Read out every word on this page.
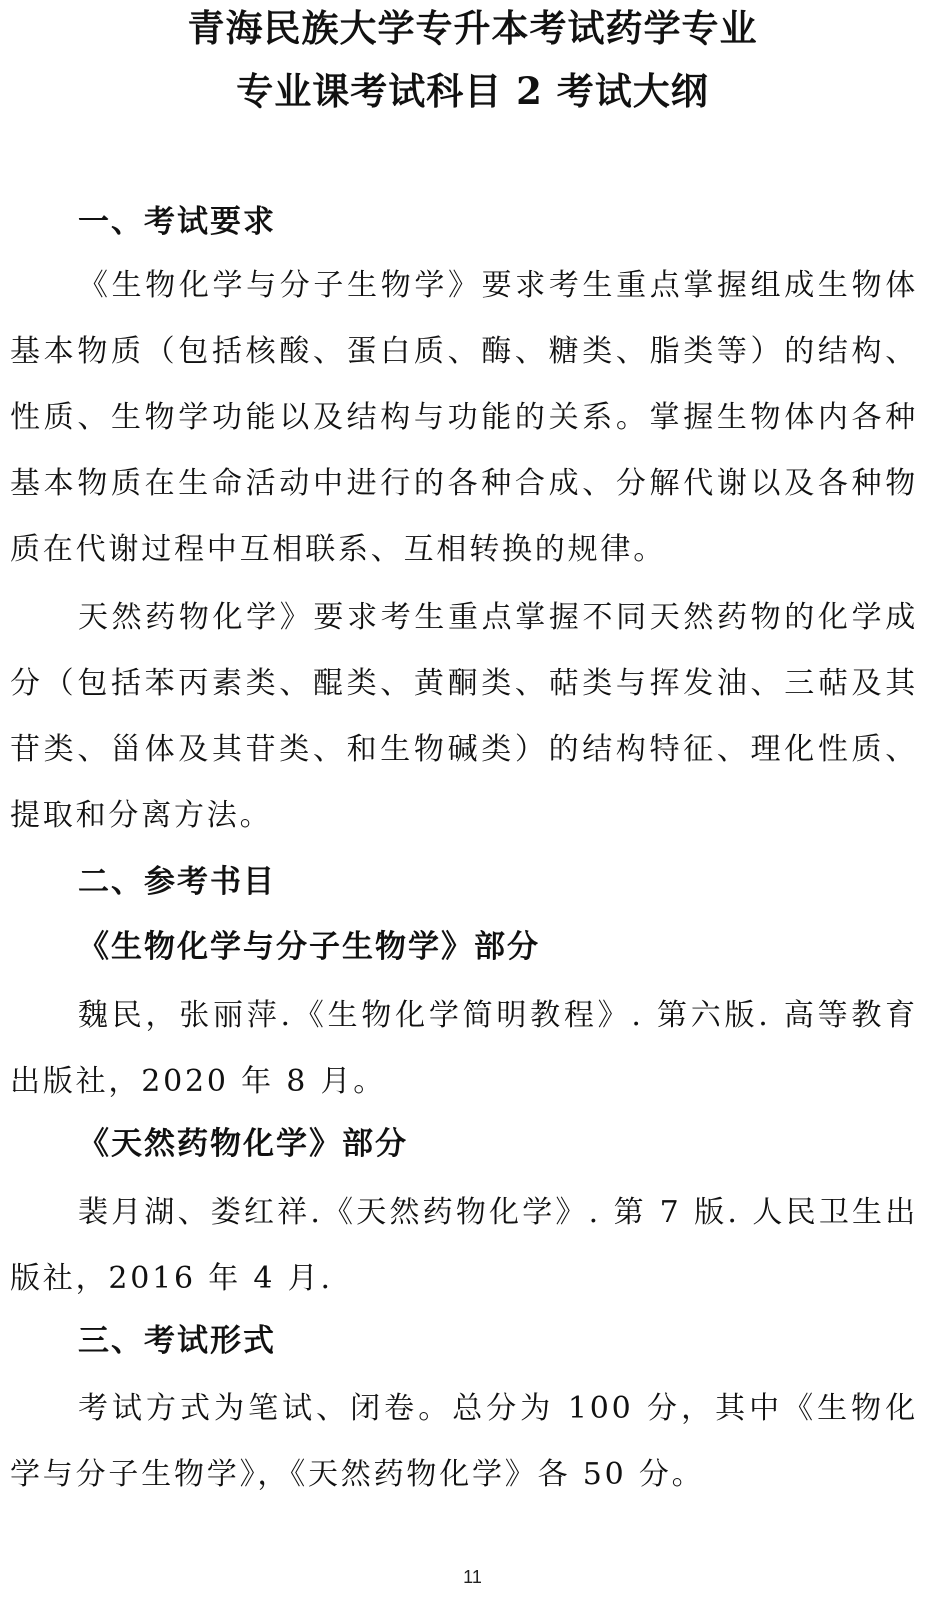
青海民族大学专升本考试药学专业
专业课考试科目 2 考试大纲
一、考试要求

《生物化学与分子生物学》要求考生重点掌握组成生物体基本物质（包括核酸、蛋白质、酶、糖类、脂类等）的结构、性质、生物学功能以及结构与功能的关系。掌握生物体内各种基本物质在生命活动中进行的各种合成、分解代谢以及各种物质在代谢过程中互相联系、互相转换的规律。

天然药物化学》要求考生重点掌握不同天然药物的化学成分（包括苯丙素类、醌类、黄酮类、萜类与挥发油、三萜及其苷类、甾体及其苷类、和生物碱类）的结构特征、理化性质、提取和分离方法。

二、参考书目
《生物化学与分子生物学》部分

魏民，张丽萍.《生物化学简明教程》. 第六版. 高等教育出版社，2020 年 8 月。

《天然药物化学》部分

裴月湖、娄红祥.《天然药物化学》. 第 7 版. 人民卫生出版社，2016 年 4 月.

三、考试形式

考试方式为笔试、闭卷。总分为 100 分，其中《生物化学与分子生物学》，《天然药物化学》各 50 分。

11
